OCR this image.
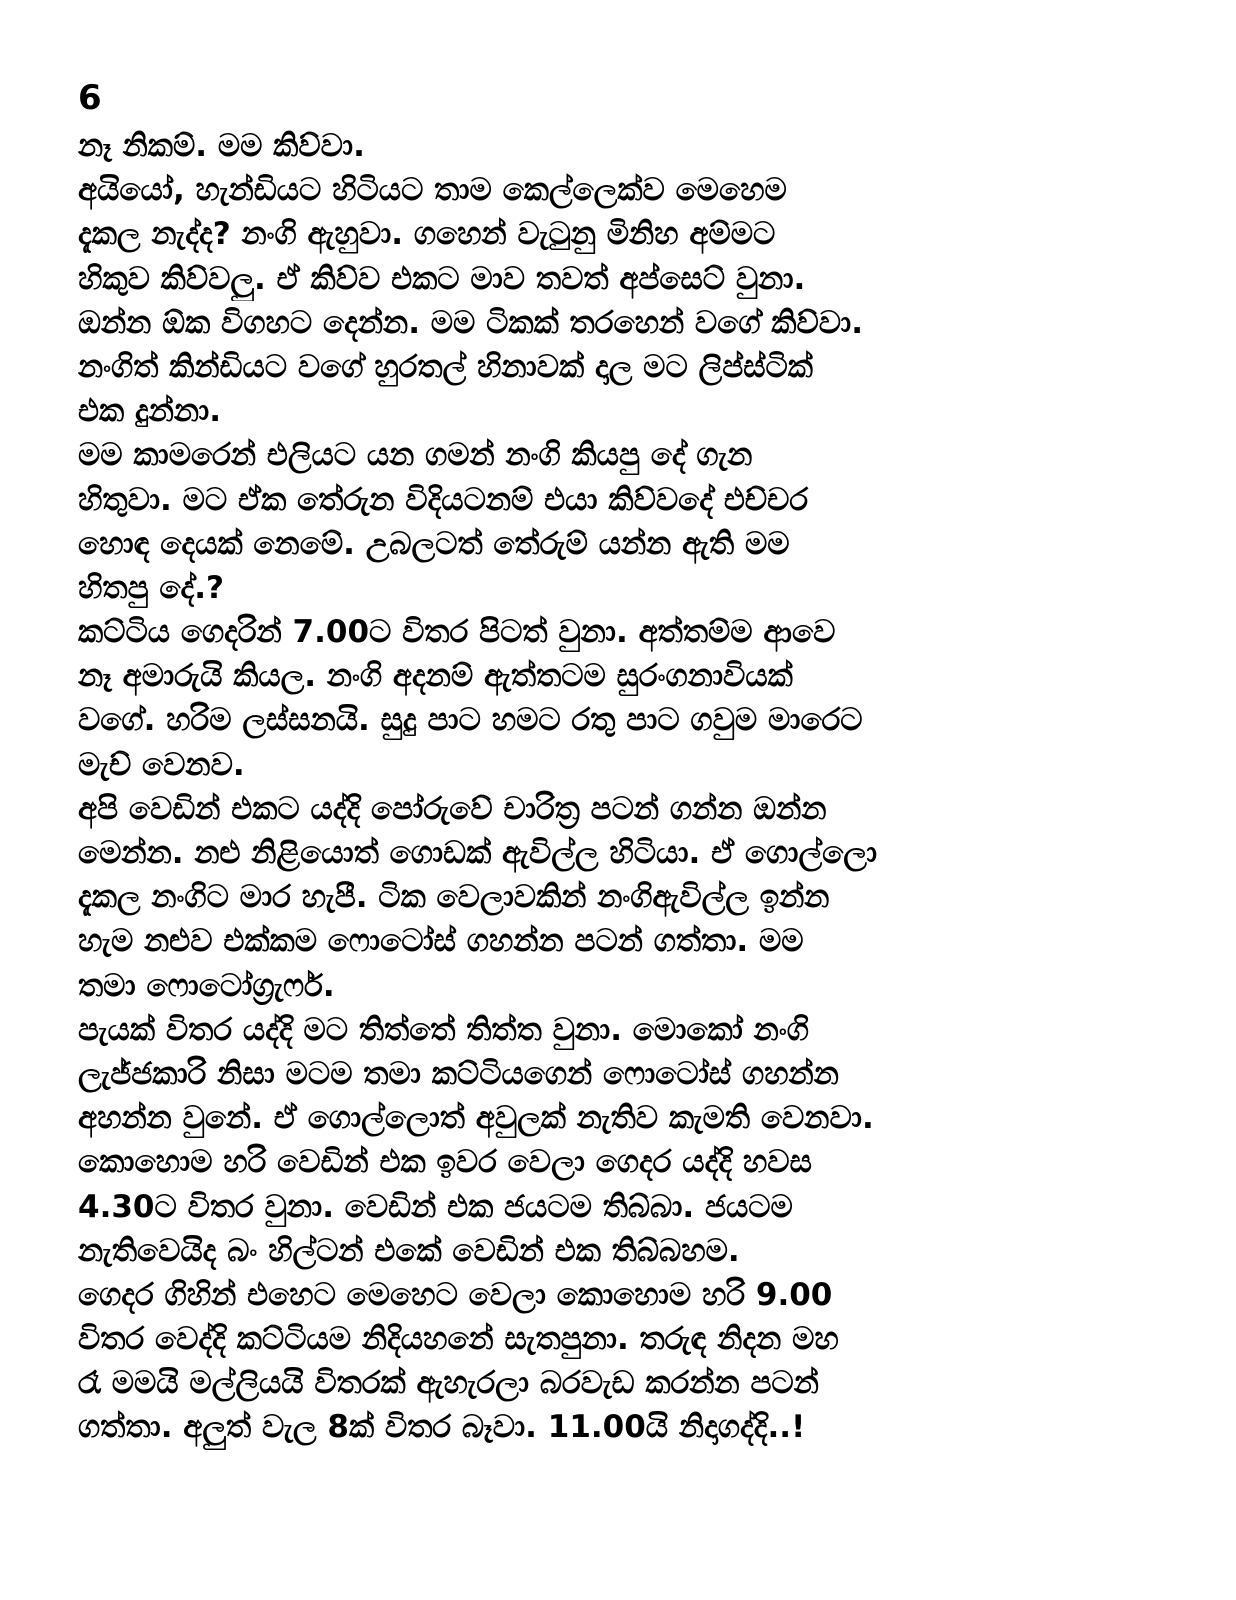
6
නෑ නිකම්. මම කිව්වා.
අයියෝ, හැන්ඩියට හිටියට තාම කෙල්ලෙක්ව මෙහෙම
දැකල නැද්ද? නංගි ඇහුවා. ගහෙන් වැටුනු මිනිහ අම්මට
හිකුව කිව්වලු. ඒ කිව්ව එකට මාව තවත් අප්සෙට් වුනා.
ඔන්න ඕක විගහට දෙන්න. මම ටිකක් තරහෙන් වගේ කිව්වා.
නංගිත් කින්ඩියට වගේ හුරතල් හිනාවක් දාල මට ලිප්ස්ටික්
එක දුන්නා.
මම කාමරෙන් එලියට යන ගමන් නංගි කියපු දේ ගැන
හිතුවා. මට ඒක තේරුන විදියටනම් එයා කිව්වදේ එච්චර
හොඳ දෙයක් නෙමේ. උබලටත් තේරුම් යන්න ඇති මම
හිතපු දේ.?
කට්ටිය ගෙදරින් 7.00ට විතර පිටත් වුනා. අත්තම්ම ආවෙ
නෑ අමාරුයි කියල. නංගි අදනම් ඇත්තටම සුරංගනාවියක්
වගේ. හරිම ලස්සනයි. සුදු පාට හමට රතු පාට ගවුම මාරෙට
මැච් වෙනව.
අපි වෙඩින් එකට යද්දි පෝරුවේ චාරිත්‍ර පටන් ගන්න ඔන්න
මෙන්න. නළු නිළියොත් ගොඩක් ඇවිල්ල හිටියා. ඒ ගොල්ලො
දැකල නංගිට මාර හැපී. ටික වෙලාවකින් නංගිඇවිල්ල ඉන්න
හැම නළුව එක්කම ෆොටෝස් ගහන්න පටන් ගත්තා. මම
තමා ෆොටෝග්‍රැෆර්.
පැයක් විතර යද්දි මට තිත්තේ තිත්ත වුනා. මොකෝ නංගි
ලැජ්ජකාරි නිසා මටම තමා කට්ටියගෙන් ෆොටෝස් ගහන්න
අහන්න වුනේ. ඒ ගොල්ලොත් අවුලක් නැතිව කැමති වෙනවා.
කොහොම හරි වෙඩින් එක ඉවර වෙලා ගෙදර යද්දි හවස
4.30ට විතර වුනා. වෙඩින් එක ජයටම තිබ්බා. ජයටම
නැතිවෙයිද බං හිල්ටන් එකේ වෙඩින් එක තිබ්බහම.
ගෙදර ගිහින් එහෙට මෙහෙට වෙලා කොහොම හරි 9.00
විතර වෙද්දි කට්ටියම නිදියහනේ සැතපුනා. තරුඳ නිදන මහ
රෑ මමයි මල්ලියයි විතරක් ඇහැරලා බරවැඩ කරන්න පටන්
ගත්තා. අලුත් වැල 8ක් විතර බෑවා. 11.00යි නිදාගද්දි..!
